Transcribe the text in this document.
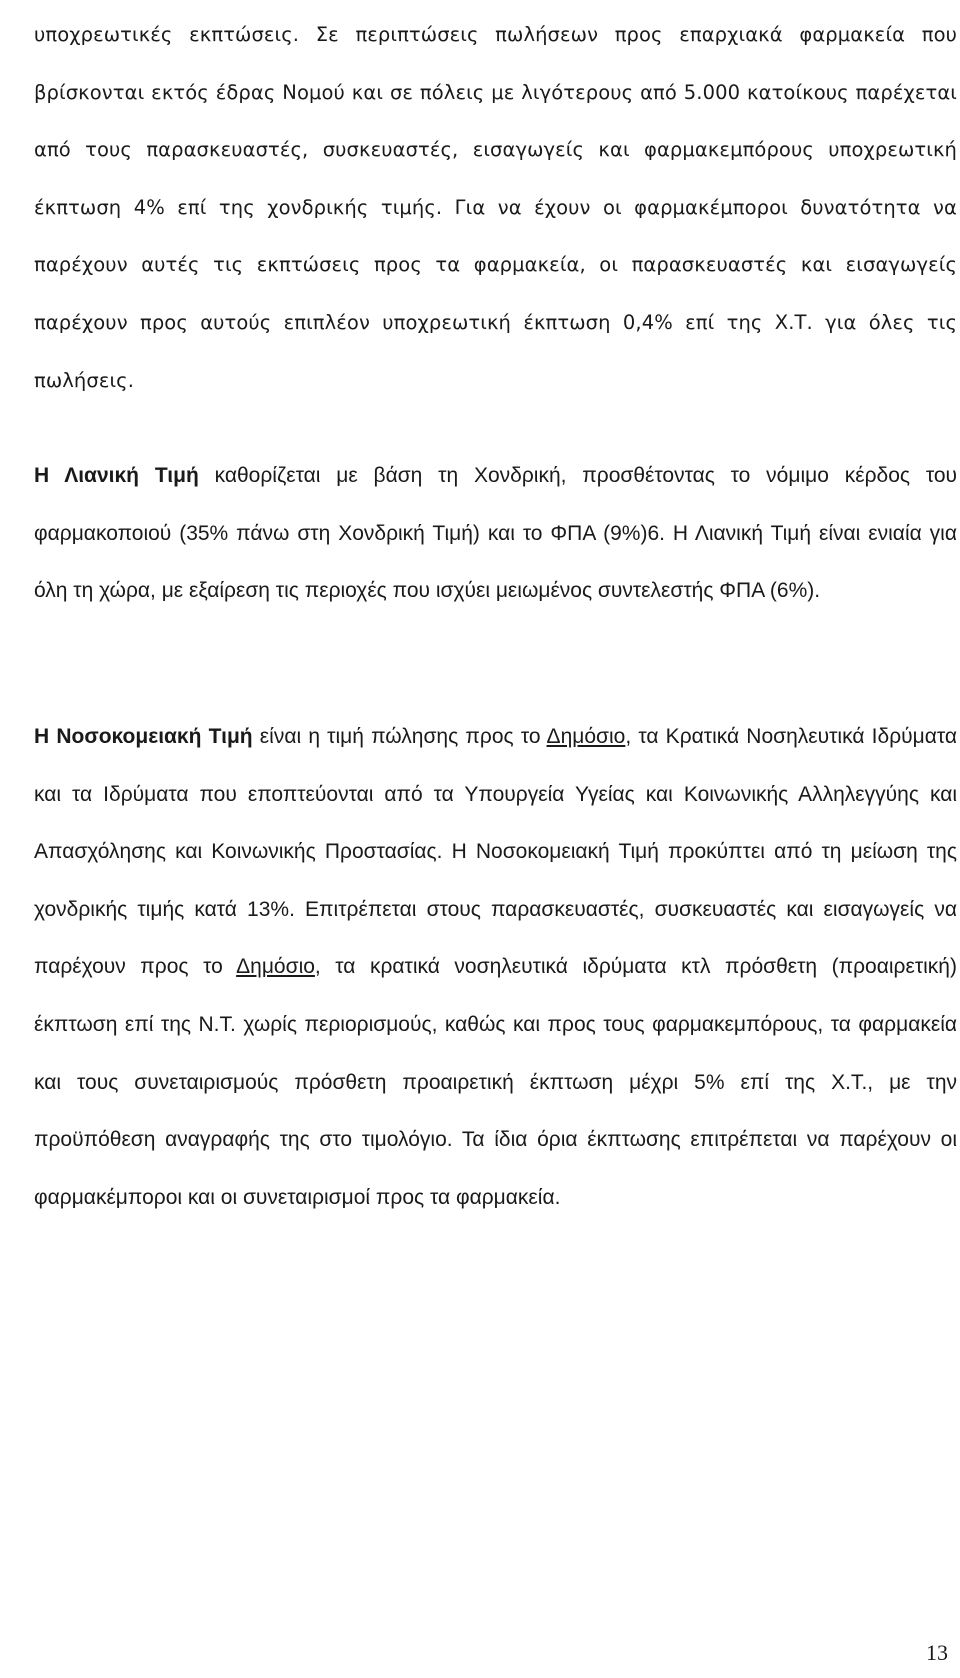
υποχρεωτικές εκπτώσεις. Σε περιπτώσεις πωλήσεων προς επαρχιακά φαρμακεία που βρίσκονται εκτός έδρας Νομού και σε πόλεις με λιγότερους από 5.000 κατοίκους παρέχεται από τους παρασκευαστές, συσκευαστές, εισαγωγείς και φαρμακεμπόρους υποχρεωτική έκπτωση 4% επί της χονδρικής τιμής. Για να έχουν οι φαρμακέμποροι δυνατότητα να παρέχουν αυτές τις εκπτώσεις προς τα φαρμακεία, οι παρασκευαστές και εισαγωγείς παρέχουν προς αυτούς επιπλέον υποχρεωτική έκπτωση 0,4% επί της Χ.Τ. για όλες τις πωλήσεις.

Η Λιανική Τιμή καθορίζεται με βάση τη Χονδρική, προσθέτοντας το νόμιμο κέρδος του φαρμακοποιού (35% πάνω στη Χονδρική Τιμή) και το ΦΠΑ (9%)6. Η Λιανική Τιμή είναι ενιαία για όλη τη χώρα, με εξαίρεση τις περιοχές που ισχύει μειωμένος συντελεστής ΦΠΑ (6%).

Η Νοσοκομειακή Τιμή είναι η τιμή πώλησης προς το Δημόσιο, τα Κρατικά Νοσηλευτικά Ιδρύματα και τα Ιδρύματα που εποπτεύονται από τα Υπουργεία Υγείας και Κοινωνικής Αλληλεγγύης και Απασχόλησης και Κοινωνικής Προστασίας. Η Νοσοκομειακή Τιμή προκύπτει από τη μείωση της χονδρικής τιμής κατά 13%. Επιτρέπεται στους παρασκευαστές, συσκευαστές και εισαγωγείς να παρέχουν προς το Δημόσιο, τα κρατικά νοσηλευτικά ιδρύματα κτλ πρόσθετη (προαιρετική) έκπτωση επί της Ν.Τ. χωρίς περιορισμούς, καθώς και προς τους φαρμακεμπόρους, τα φαρμακεία και τους συνεταιρισμούς πρόσθετη προαιρετική έκπτωση μέχρι 5% επί της Χ.Τ., με την προϋπόθεση αναγραφής της στο τιμολόγιο. Τα ίδια όρια έκπτωσης επιτρέπεται να παρέχουν οι φαρμακέμποροι και οι συνεταιρισμοί προς τα φαρμακεία.

13
